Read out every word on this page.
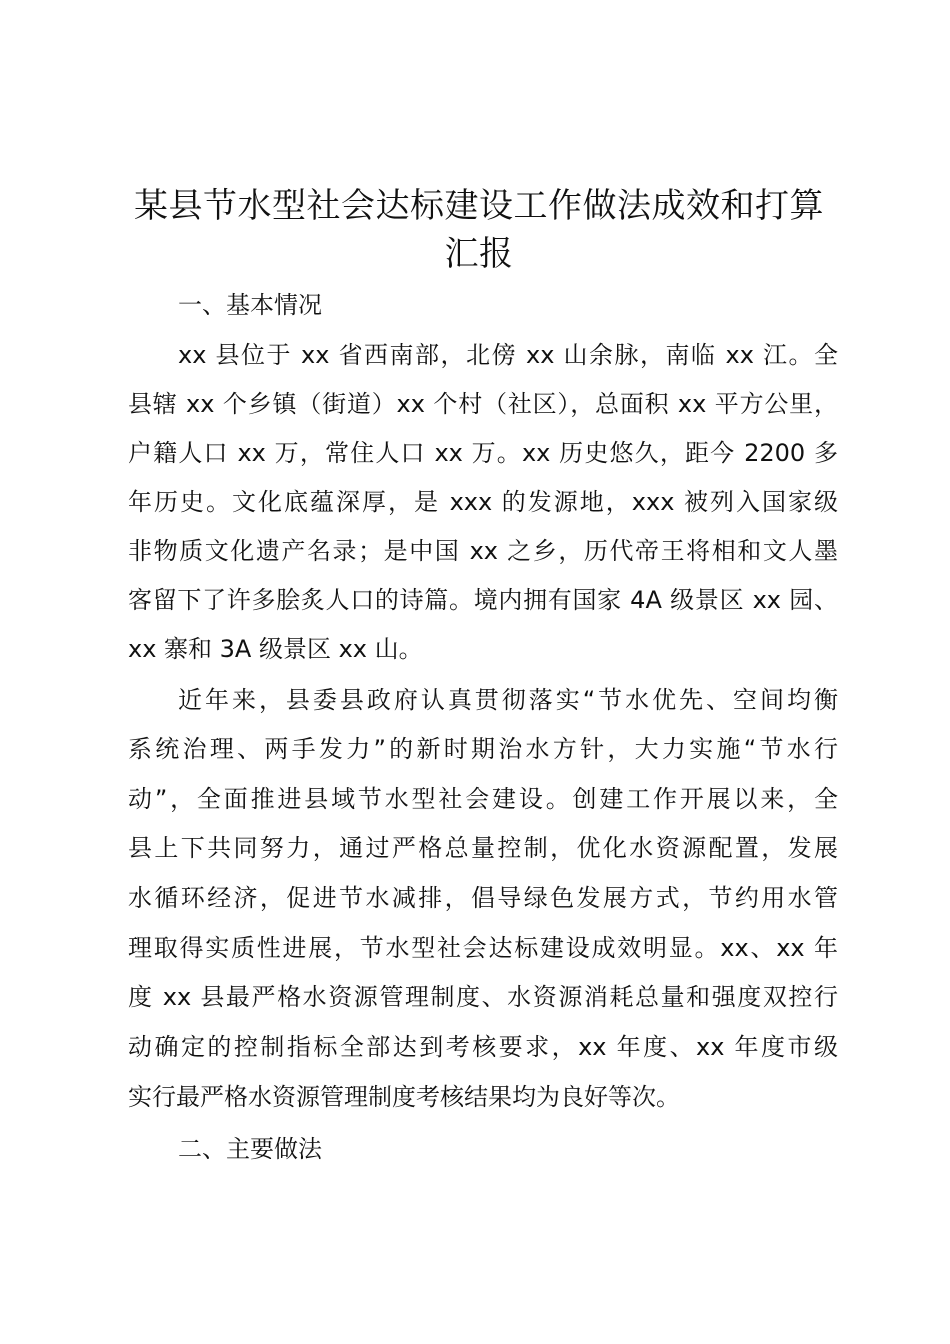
某县节水型社会达标建设工作做法成效和打算
汇报
一、基本情况
xx 县位于 xx 省西南部，北傍 xx 山余脉，南临 xx 江。全
县辖 xx 个乡镇（街道）xx 个村（社区），总面积 xx 平方公里，
户籍人口 xx 万，常住人口 xx 万。xx 历史悠久，距今 2200 多
年历史。文化底蕴深厚，是 xxx 的发源地，xxx 被列入国家级
非物质文化遗产名录；是中国 xx 之乡，历代帝王将相和文人墨
客留下了许多脍炙人口的诗篇。境内拥有国家 4A 级景区 xx 园、
xx 寨和 3A 级景区 xx 山。
近年来，县委县政府认真贯彻落实“节水优先、空间均衡
系统治理、两手发力”的新时期治水方针，大力实施“节水行
动”，全面推进县域节水型社会建设。创建工作开展以来，全
县上下共同努力，通过严格总量控制，优化水资源配置，发展
水循环经济，促进节水减排，倡导绿色发展方式，节约用水管
理取得实质性进展，节水型社会达标建设成效明显。xx、xx 年
度 xx 县最严格水资源管理制度、水资源消耗总量和强度双控行
动确定的控制指标全部达到考核要求，xx 年度、xx 年度市级
实行最严格水资源管理制度考核结果均为良好等次。
二、主要做法
